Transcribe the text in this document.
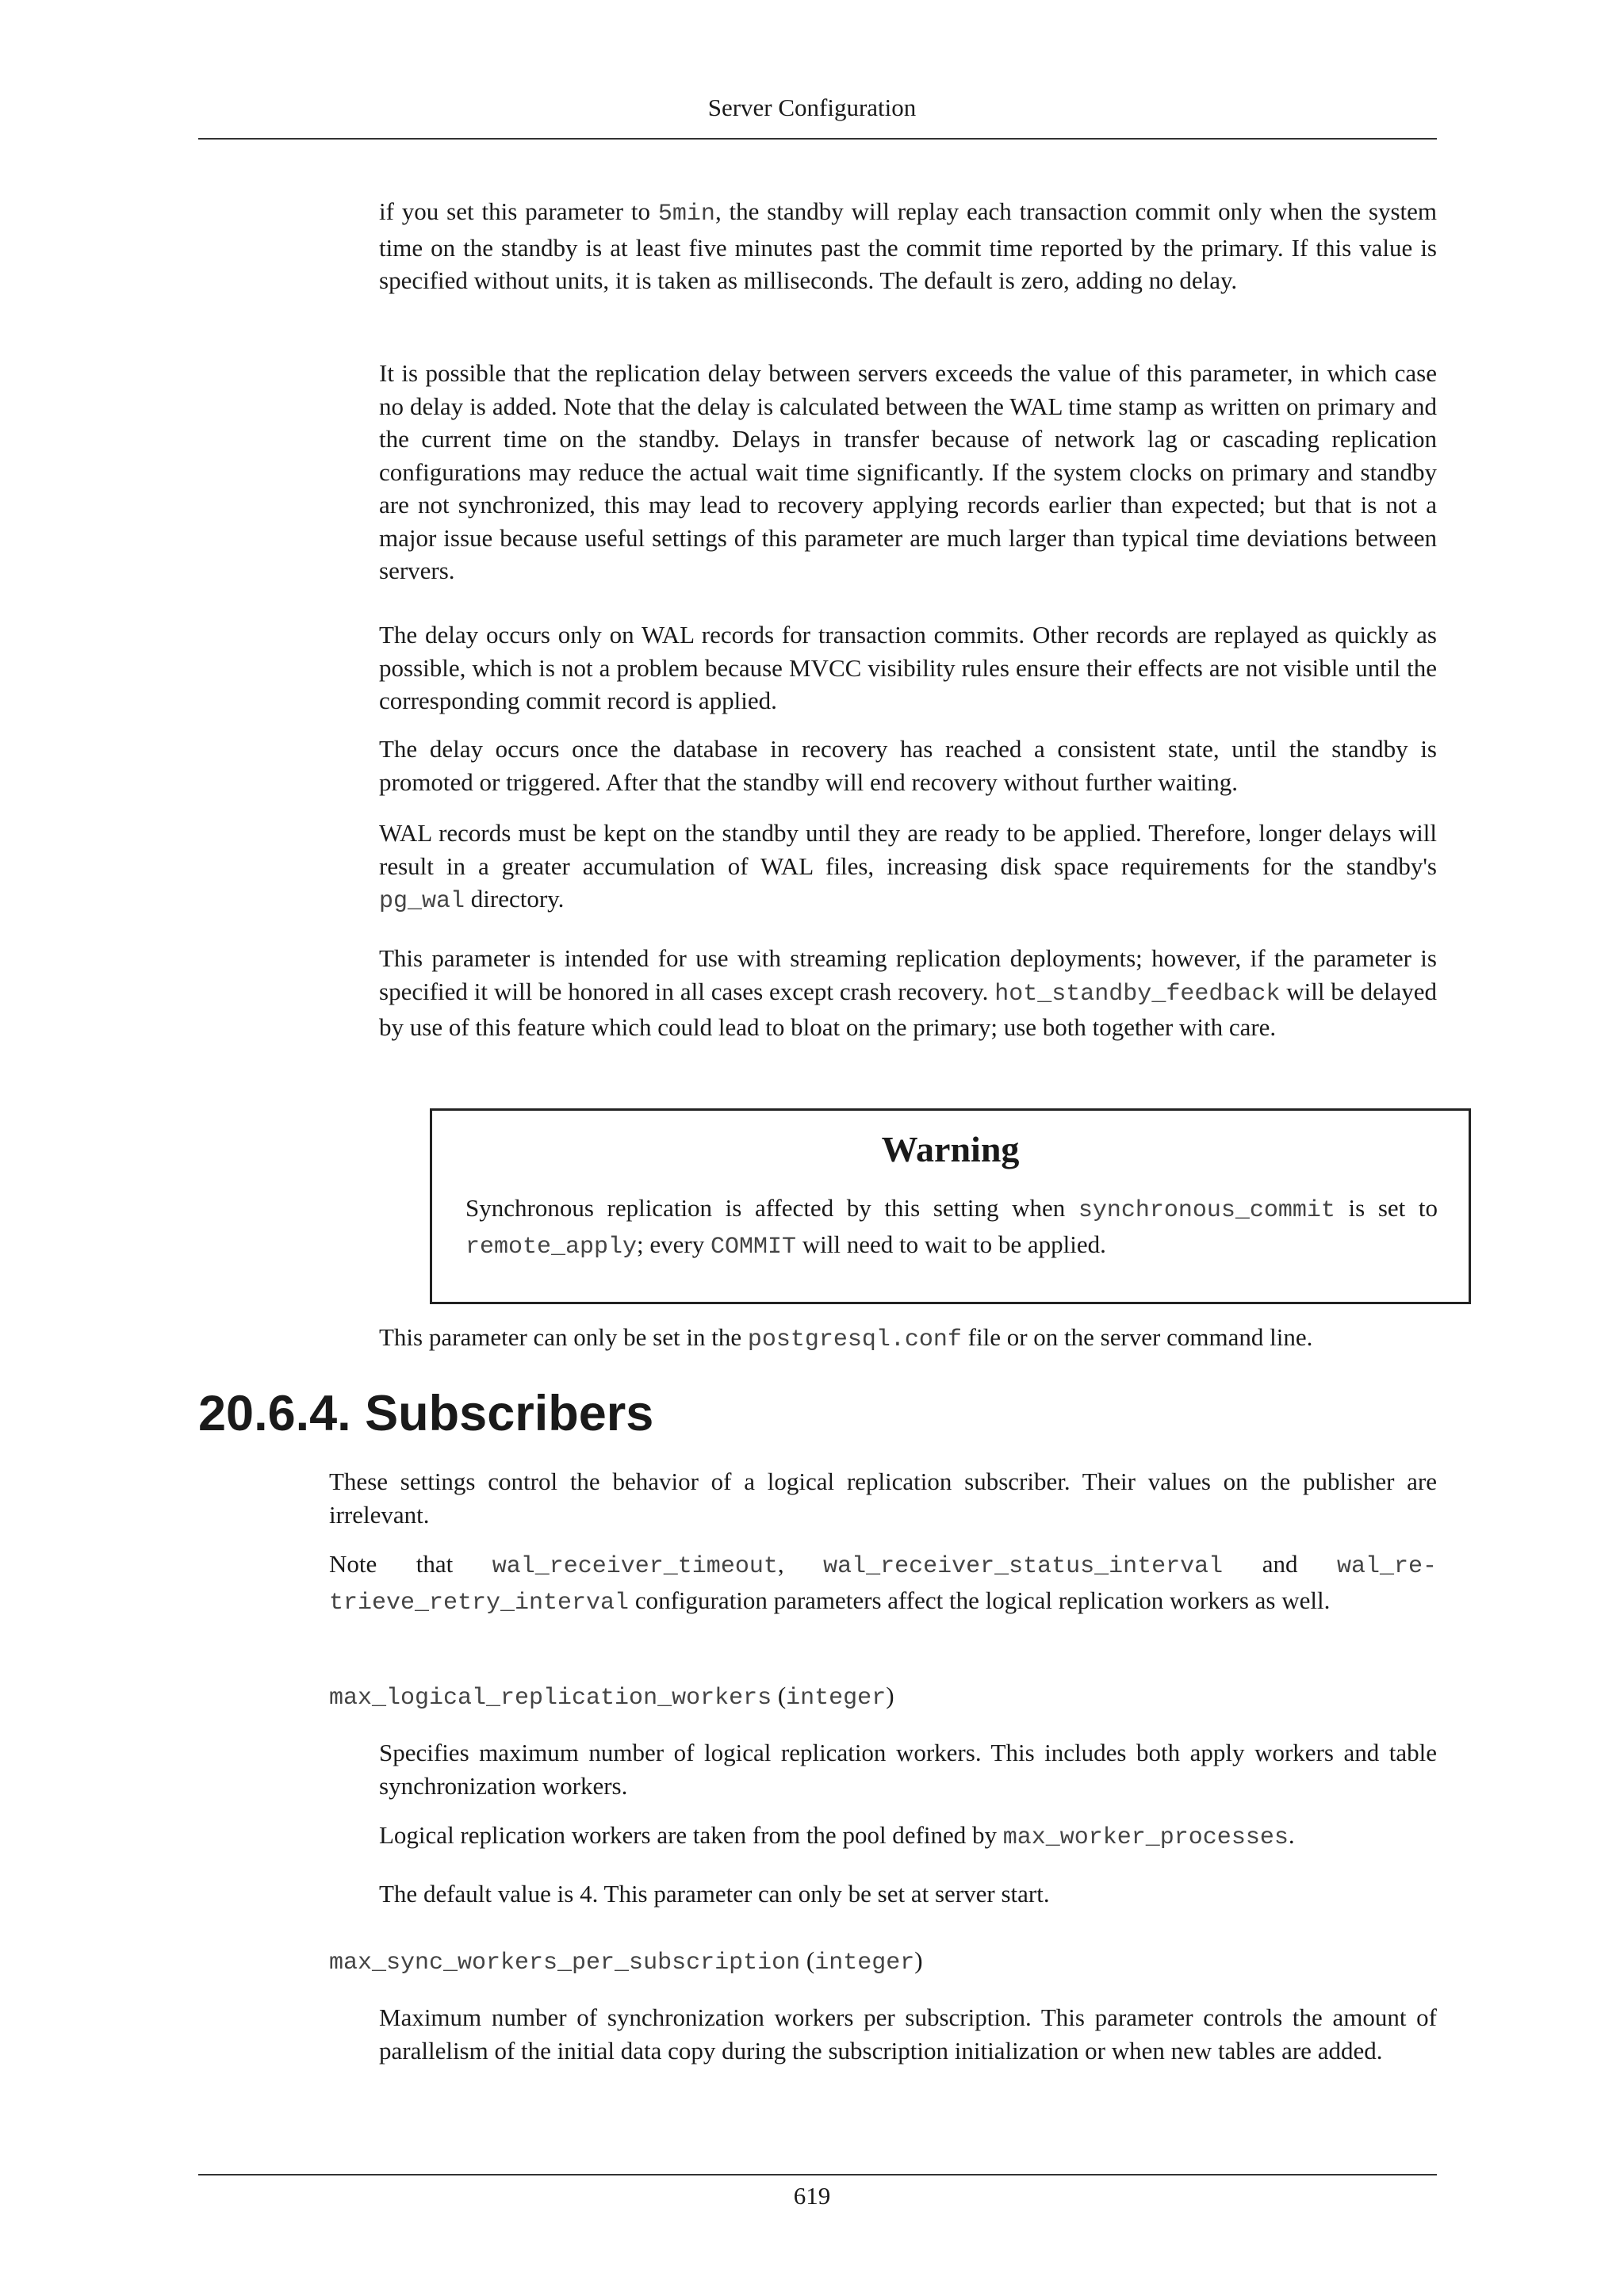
Server Configuration

if you set this parameter to 5min, the standby will replay each transaction commit only when the system time on the standby is at least five minutes past the commit time reported by the primary. If this value is specified without units, it is taken as milliseconds. The default is zero, adding no delay.

It is possible that the replication delay between servers exceeds the value of this parameter, in which case no delay is added. Note that the delay is calculated between the WAL time stamp as written on primary and the current time on the standby. Delays in transfer because of network lag or cascading replication configurations may reduce the actual wait time significantly. If the system clocks on primary and standby are not synchronized, this may lead to recovery applying records earlier than expected; but that is not a major issue because useful settings of this parameter are much larger than typical time deviations between servers.

The delay occurs only on WAL records for transaction commits. Other records are replayed as quickly as possible, which is not a problem because MVCC visibility rules ensure their effects are not visible until the corresponding commit record is applied.

The delay occurs once the database in recovery has reached a consistent state, until the standby is promoted or triggered. After that the standby will end recovery without further waiting.

WAL records must be kept on the standby until they are ready to be applied. Therefore, longer delays will result in a greater accumulation of WAL files, increasing disk space requirements for the standby's pg_wal directory.

This parameter is intended for use with streaming replication deployments; however, if the parameter is specified it will be honored in all cases except crash recovery. hot_standby_feedback will be delayed by use of this feature which could lead to bloat on the primary; use both together with care.

Warning

Synchronous replication is affected by this setting when synchronous_commit is set to remote_apply; every COMMIT will need to wait to be applied.

This parameter can only be set in the postgresql.conf file or on the server command line.

20.6.4. Subscribers

These settings control the behavior of a logical replication subscriber. Their values on the publisher are irrelevant.

Note that wal_receiver_timeout, wal_receiver_status_interval and wal_retrieve_retry_interval configuration parameters affect the logical replication workers as well.

max_logical_replication_workers (integer)

Specifies maximum number of logical replication workers. This includes both apply workers and table synchronization workers.

Logical replication workers are taken from the pool defined by max_worker_processes.

The default value is 4. This parameter can only be set at server start.

max_sync_workers_per_subscription (integer)

Maximum number of synchronization workers per subscription. This parameter controls the amount of parallelism of the initial data copy during the subscription initialization or when new tables are added.

619
